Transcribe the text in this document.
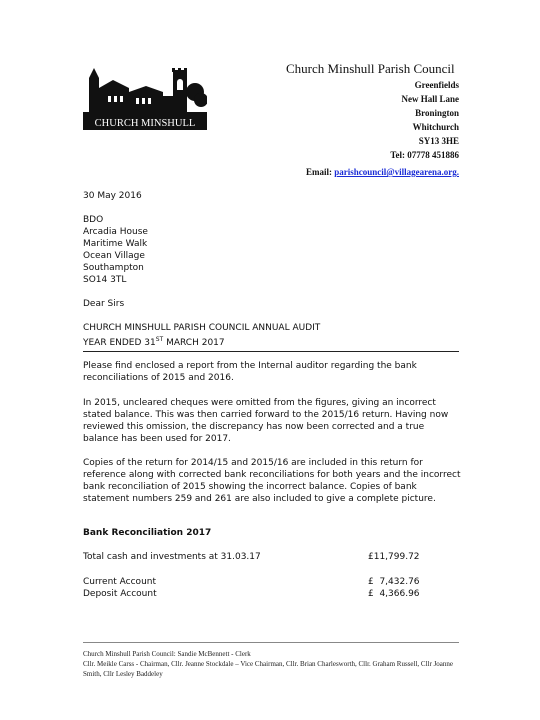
CHURCH MINSHULL
Church Minshull Parish Council
Greenfields
New Hall Lane
Bronington
Whitchurch
SY13 3HE
Tel: 07778 451886
Email: parishcouncil@villagearena.org.
30 May 2016
BDO
Arcadia House
Maritime Walk
Ocean Village
Southampton
SO14 3TL
Dear Sirs
CHURCH MINSHULL PARISH COUNCIL ANNUAL AUDIT
YEAR ENDED 31ST MARCH 2017
Please find enclosed a report from the Internal auditor regarding the bank reconciliations of 2015 and 2016.
In 2015, uncleared cheques were omitted from the figures, giving an incorrect stated balance. This was then carried forward to the 2015/16 return. Having now reviewed this omission, the discrepancy has now been corrected and a true balance has been used for 2017.
Copies of the return for 2014/15 and 2015/16 are included in this return for reference along with corrected bank reconciliations for both years and the incorrect bank reconciliation of 2015 showing the incorrect balance. Copies of bank statement numbers 259 and 261 are also included to give a complete picture.
Bank Reconciliation 2017
Total cash and investments at 31.03.17	£11,799.72
Current Account	£  7,432.76
Deposit Account	£  4,366.96
Church Minshull Parish Council: Sandie McBennett - Clerk
Cllr. Meikle Carss - Chairman, Cllr. Jeanne Stockdale – Vice Chairman, Cllr. Brian Charlesworth, Cllr. Graham Russell, Cllr Joanne Smith, Cllr Lesley Baddeley
